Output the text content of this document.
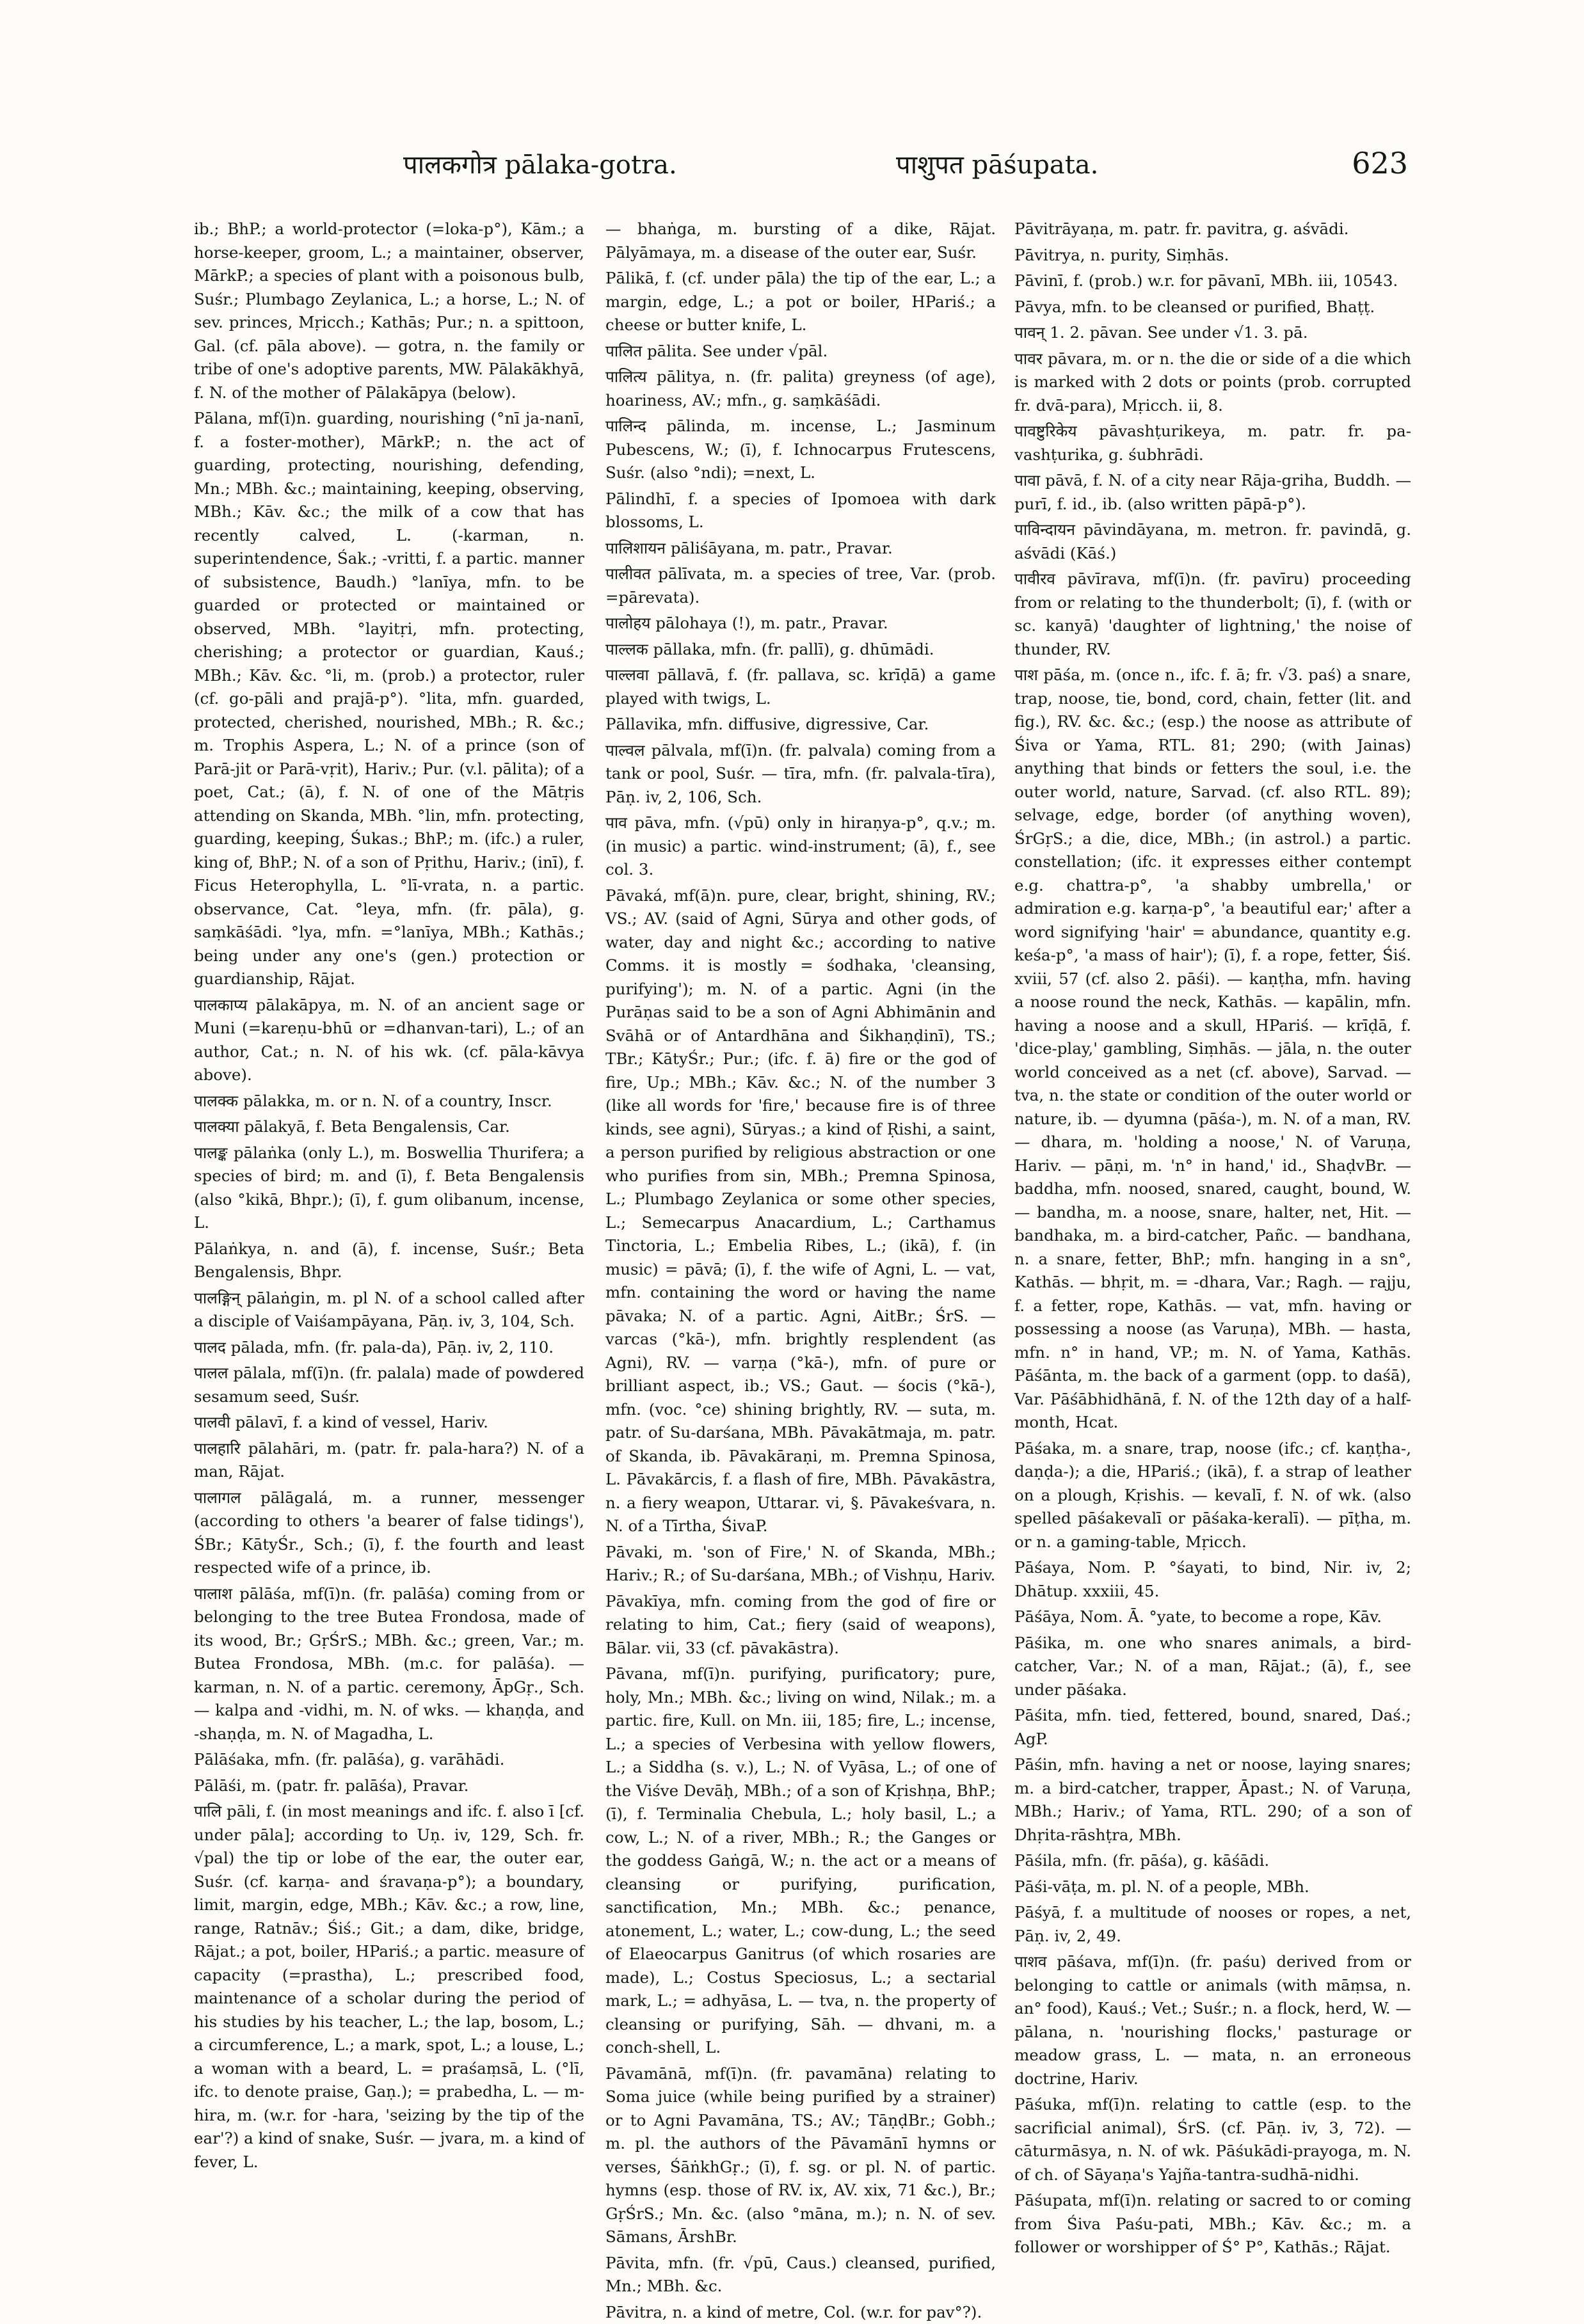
पालकगोत्र pālaka-gotra.	पाशुपत pāśupata.	623

ib.; BhP.; a world-protector (=loka-p°), Kām.; a horse-keeper, groom, L.; a maintainer, observer, MārkP.; a species of plant with a poisonous bulb, Suśr.; Plumbago Zeylanica, L.; a horse, L.; N. of sev. princes, Mṛicch.; Kathās; Pur.; n. a spittoon, Gal. (cf. pāla above). — gotra, n. the family or tribe of one's adoptive parents, MW. Pālakākhyā, f. N. of the mother of Pālakāpya (below).

Pālana, mf(ī)n. guarding, nourishing (°nī ja-nanī, f. a foster-mother), MārkP.; n. the act of guarding, protecting, nourishing, defending, Mn.; MBh. &c.; maintaining, keeping, observing, MBh.; Kāv. &c.; the milk of a cow that has recently calved, L. (-karman, n. superintendence, Śak.; -vritti, f. a partic. manner of subsistence, Baudh.) °lanīya, mfn. to be guarded or protected or maintained or observed, MBh. °layitṛi, mfn. protecting, cherishing; a protector or guardian, Kauś.; MBh.; Kāv. &c. °li, m. (prob.) a protector, ruler (cf. go-pāli and prajā-p°). °lita, mfn. guarded, protected, cherished, nourished, MBh.; R. &c.; m. Trophis Aspera, L.; N. of a prince (son of Parā-jit or Parā-vṛit), Hariv.; Pur. (v.l. pālita); of a poet, Cat.; (ā), f. N. of one of the Mātṛis attending on Skanda, MBh. °lin, mfn. protecting, guarding, keeping, Śukas.; BhP.; m. (ifc.) a ruler, king of, BhP.; N. of a son of Pṛithu, Hariv.; (inī), f. Ficus Heterophylla, L. °lī-vrata, n. a partic. observance, Cat. °leya, mfn. (fr. pāla), g. saṃkāśādi. °lya, mfn. =°lanīya, MBh.; Kathās.; being under any one's (gen.) protection or guardianship, Rājat.

पालकाप्य pālakāpya, m. N. of an ancient sage or Muni (=kareṇu-bhū or =dhanvan-tari), L.; of an author, Cat.; n. N. of his wk. (cf. pāla-kāvya above).

पालक्क pālakka, m. or n. N. of a country, Inscr.

पालक्या pālakyā, f. Beta Bengalensis, Car.

पालङ्क pālaṅka (only L.), m. Boswellia Thurifera; a species of bird; m. and (ī), f. Beta Bengalensis (also °kikā, Bhpr.); (ī), f. gum olibanum, incense, L.

Pālaṅkya, n. and (ā), f. incense, Suśr.; Beta Bengalensis, Bhpr.

पालङ्गिन् pālaṅgin, m. pl N. of a school called after a disciple of Vaiśampāyana, Pāṇ. iv, 3, 104, Sch.

पालद pālada, mfn. (fr. pala-da), Pāṇ. iv, 2, 110.

पालल pālala, mf(ī)n. (fr. palala) made of powdered sesamum seed, Suśr.

पालवी pālavī, f. a kind of vessel, Hariv.

पालहारि pālahāri, m. (patr. fr. pala-hara?) N. of a man, Rājat.

पालागल pālāgalá, m. a runner, messenger (according to others 'a bearer of false tidings'), ŚBr.; KātyŚr., Sch.; (ī), f. the fourth and least respected wife of a prince, ib.

पालाश pālāśa, mf(ī)n. (fr. palāśa) coming from or belonging to the tree Butea Frondosa, made of its wood, Br.; GṛŚrS.; MBh. &c.; green, Var.; m. Butea Frondosa, MBh. (m.c. for palāśa). — karman, n. N. of a partic. ceremony, ĀpGṛ., Sch. — kalpa and -vidhi, m. N. of wks. — khaṇḍa, and -shaṇḍa, m. N. of Magadha, L.

Pālāśaka, mfn. (fr. palāśa), g. varāhādi.

Pālāśi, m. (patr. fr. palāśa), Pravar.

पालि pāli, f. (in most meanings and ifc. f. also ī [cf. under pāla]; according to Uṇ. iv, 129, Sch. fr. √pal) the tip or lobe of the ear, the outer ear, Suśr. (cf. karṇa- and śravaṇa-p°); a boundary, limit, margin, edge, MBh.; Kāv. &c.; a row, line, range, Ratnāv.; Śiś.; Git.; a dam, dike, bridge, Rājat.; a pot, boiler, HPariś.; a partic. measure of capacity (=prastha), L.; prescribed food, maintenance of a scholar during the period of his studies by his teacher, L.; the lap, bosom, L.; a circumference, L.; a mark, spot, L.; a louse, L.; a woman with a beard, L. = praśaṃsā, L. (°lī, ifc. to denote praise, Gaṇ.); = prabedha, L. — m-hira, m. (w.r. for -hara, 'seizing by the tip of the ear'?) a kind of snake, Suśr. — jvara, m. a kind of fever, L.

— bhaṅga, m. bursting of a dike, Rājat. Pālyāmaya, m. a disease of the outer ear, Suśr.

Pālikā, f. (cf. under pāla) the tip of the ear, L.; a margin, edge, L.; a pot or boiler, HPariś.; a cheese or butter knife, L.

पालित pālita. See under √pāl.

पालित्य pālitya, n. (fr. palita) greyness (of age), hoariness, AV.; mfn., g. saṃkāśādi.

पालिन्द pālinda, m. incense, L.; Jasminum Pubescens, W.; (ī), f. Ichnocarpus Frutescens, Suśr. (also °ndi); =next, L.

Pālindhī, f. a species of Ipomoea with dark blossoms, L.

पालिशायन pāliśāyana, m. patr., Pravar.

पालीवत pālīvata, m. a species of tree, Var. (prob. =pārevata).

पालोहय pālohaya (!), m. patr., Pravar.

पाल्लक pāllaka, mfn. (fr. pallī), g. dhūmādi.

पाल्लवा pāllavā, f. (fr. pallava, sc. krīḍā) a game played with twigs, L.

Pāllavika, mfn. diffusive, digressive, Car.

पाल्वल pālvala, mf(ī)n. (fr. palvala) coming from a tank or pool, Suśr. — tīra, mfn. (fr. palvala-tīra), Pāṇ. iv, 2, 106, Sch.

पाव pāva, mfn. (√pū) only in hiraṇya-p°, q.v.; m. (in music) a partic. wind-instrument; (ā), f., see col. 3.

Pāvaká, mf(ā)n. pure, clear, bright, shining, RV.; VS.; AV. (said of Agni, Sūrya and other gods, of water, day and night &c.; according to native Comms. it is mostly = śodhaka, 'cleansing, purifying'); m. N. of a partic. Agni (in the Purāṇas said to be a son of Agni Abhimānin and Svāhā or of Antardhāna and Śikhaṇḍinī), TS.; TBr.; KātyŚr.; Pur.; (ifc. f. ā) fire or the god of fire, Up.; MBh.; Kāv. &c.; N. of the number 3 (like all words for 'fire,' because fire is of three kinds, see agni), Sūryas.; a kind of Ṛishi, a saint, a person purified by religious abstraction or one who purifies from sin, MBh.; Premna Spinosa, L.; Plumbago Zeylanica or some other species, L.; Semecarpus Anacardium, L.; Carthamus Tinctoria, L.; Embelia Ribes, L.; (ikā), f. (in music) = pāvā; (ī), f. the wife of Agni, L. — vat, mfn. containing the word or having the name pāvaka; N. of a partic. Agni, AitBr.; ŚrS. — varcas (°kā-), mfn. brightly resplendent (as Agni), RV. — varṇa (°kā-), mfn. of pure or brilliant aspect, ib.; VS.; Gaut. — śocis (°kā-), mfn. (voc. °ce) shining brightly, RV. — suta, m. patr. of Su-darśana, MBh. Pāvakātmaja, m. patr. of Skanda, ib. Pāvakāraṇi, m. Premna Spinosa, L. Pāvakārcis, f. a flash of fire, MBh. Pāvakāstra, n. a fiery weapon, Uttarar. vi, §. Pāvakeśvara, n. N. of a Tīrtha, ŚivaP.

Pāvaki, m. 'son of Fire,' N. of Skanda, MBh.; Hariv.; R.; of Su-darśana, MBh.; of Vishṇu, Hariv.

Pāvakīya, mfn. coming from the god of fire or relating to him, Cat.; fiery (said of weapons), Bālar. vii, 33 (cf. pāvakāstra).

Pāvana, mf(ī)n. purifying, purificatory; pure, holy, Mn.; MBh. &c.; living on wind, Nilak.; m. a partic. fire, Kull. on Mn. iii, 185; fire, L.; incense, L.; a species of Verbesina with yellow flowers, L.; a Siddha (s. v.), L.; N. of Vyāsa, L.; of one of the Viśve Devāḥ, MBh.; of a son of Kṛishṇa, BhP.; (ī), f. Terminalia Chebula, L.; holy basil, L.; a cow, L.; N. of a river, MBh.; R.; the Ganges or the goddess Gaṅgā, W.; n. the act or a means of cleansing or purifying, purification, sanctification, Mn.; MBh. &c.; penance, atonement, L.; water, L.; cow-dung, L.; the seed of Elaeocarpus Ganitrus (of which rosaries are made), L.; Costus Speciosus, L.; a sectarial mark, L.; = adhyāsa, L. — tva, n. the property of cleansing or purifying, Sāh. — dhvani, m. a conch-shell, L.

Pāvamānā, mf(ī)n. (fr. pavamāna) relating to Soma juice (while being purified by a strainer) or to Agni Pavamāna, TS.; AV.; TāṇḍBr.; Gobh.; m. pl. the authors of the Pāvamānī hymns or verses, ŚāṅkhGṛ.; (ī), f. sg. or pl. N. of partic. hymns (esp. those of RV. ix, AV. xix, 71 &c.), Br.; GṛŚrS.; Mn. &c. (also °māna, m.); n. N. of sev. Sāmans, ĀrshBr.

Pāvita, mfn. (fr. √pū, Caus.) cleansed, purified, Mn.; MBh. &c.

Pāvitra, n. a kind of metre, Col. (w.r. for pav°?).

Pāvitrāyaṇa, m. patr. fr. pavitra, g. aśvādi.

Pāvitrya, n. purity, Siṃhās.

Pāvinī, f. (prob.) w.r. for pāvanī, MBh. iii, 10543.

Pāvya, mfn. to be cleansed or purified, Bhaṭṭ.

पावन् 1. 2. pāvan. See under √1. 3. pā.

पावर pāvara, m. or n. the die or side of a die which is marked with 2 dots or points (prob. corrupted fr. dvā-para), Mṛicch. ii, 8.

पावष्टुरिकेय pāvashṭurikeya, m. patr. fr. pa-vashṭurika, g. śubhrādi.

पावा pāvā, f. N. of a city near Rāja-griha, Buddh. — purī, f. id., ib. (also written pāpā-p°).

पाविन्दायन pāvindāyana, m. metron. fr. pavindā, g. aśvādi (Kāś.)

पावीरव pāvīrava, mf(ī)n. (fr. pavīru) proceeding from or relating to the thunderbolt; (ī), f. (with or sc. kanyā) 'daughter of lightning,' the noise of thunder, RV.

पाश pāśa, m. (once n., ifc. f. ā; fr. √3. paś) a snare, trap, noose, tie, bond, cord, chain, fetter (lit. and fig.), RV. &c. &c.; (esp.) the noose as attribute of Śiva or Yama, RTL. 81; 290; (with Jainas) anything that binds or fetters the soul, i.e. the outer world, nature, Sarvad. (cf. also RTL. 89); selvage, edge, border (of anything woven), ŚrGṛS.; a die, dice, MBh.; (in astrol.) a partic. constellation; (ifc. it expresses either contempt e.g. chattra-p°, 'a shabby umbrella,' or admiration e.g. karṇa-p°, 'a beautiful ear;' after a word signifying 'hair' = abundance, quantity e.g. keśa-p°, 'a mass of hair'); (ī), f. a rope, fetter, Śiś. xviii, 57 (cf. also 2. pāśi). — kaṇṭha, mfn. having a noose round the neck, Kathās. — kapālin, mfn. having a noose and a skull, HPariś. — krīḍā, f. 'dice-play,' gambling, Siṃhās. — jāla, n. the outer world conceived as a net (cf. above), Sarvad. — tva, n. the state or condition of the outer world or nature, ib. — dyumna (pāśa-), m. N. of a man, RV. — dhara, m. 'holding a noose,' N. of Varuṇa, Hariv. — pāṇi, m. 'n° in hand,' id., ShaḍvBr. — baddha, mfn. noosed, snared, caught, bound, W. — bandha, m. a noose, snare, halter, net, Hit. — bandhaka, m. a bird-catcher, Pañc. — bandhana, n. a snare, fetter, BhP.; mfn. hanging in a sn°, Kathās. — bhṛit, m. = -dhara, Var.; Ragh. — rajju, f. a fetter, rope, Kathās. — vat, mfn. having or possessing a noose (as Varuṇa), MBh. — hasta, mfn. n° in hand, VP.; m. N. of Yama, Kathās. Pāśānta, m. the back of a garment (opp. to daśā), Var. Pāśābhidhānā, f. N. of the 12th day of a half-month, Hcat.

Pāśaka, m. a snare, trap, noose (ifc.; cf. kaṇṭha-, daṇḍa-); a die, HPariś.; (ikā), f. a strap of leather on a plough, Kṛishis. — kevalī, f. N. of wk. (also spelled pāśakevalī or pāśaka-keralī). — pīṭha, m. or n. a gaming-table, Mṛicch.

Pāśaya, Nom. P. °śayati, to bind, Nir. iv, 2; Dhātup. xxxiii, 45.

Pāśāya, Nom. Ā. °yate, to become a rope, Kāv.

Pāśika, m. one who snares animals, a bird-catcher, Var.; N. of a man, Rājat.; (ā), f., see under pāśaka.

Pāśita, mfn. tied, fettered, bound, snared, Daś.; AgP.

Pāśin, mfn. having a net or noose, laying snares; m. a bird-catcher, trapper, Āpast.; N. of Varuṇa, MBh.; Hariv.; of Yama, RTL. 290; of a son of Dhṛita-rāshṭra, MBh.

Pāśila, mfn. (fr. pāśa), g. kāśādi.

Pāśi-vāṭa, m. pl. N. of a people, MBh.

Pāśyā, f. a multitude of nooses or ropes, a net, Pāṇ. iv, 2, 49.

पाशव pāśava, mf(ī)n. (fr. paśu) derived from or belonging to cattle or animals (with māṃsa, n. an° food), Kauś.; Vet.; Suśr.; n. a flock, herd, W. — pālana, n. 'nourishing flocks,' pasturage or meadow grass, L. — mata, n. an erroneous doctrine, Hariv.

Pāśuka, mf(ī)n. relating to cattle (esp. to the sacrificial animal), ŚrS. (cf. Pāṇ. iv, 3, 72). — cāturmāsya, n. N. of wk. Pāśukādi-prayoga, m. N. of ch. of Sāyaṇa's Yajña-tantra-sudhā-nidhi.

Pāśupata, mf(ī)n. relating or sacred to or coming from Śiva Paśu-pati, MBh.; Kāv. &c.; m. a follower or worshipper of Ś° P°, Kathās.; Rājat.
